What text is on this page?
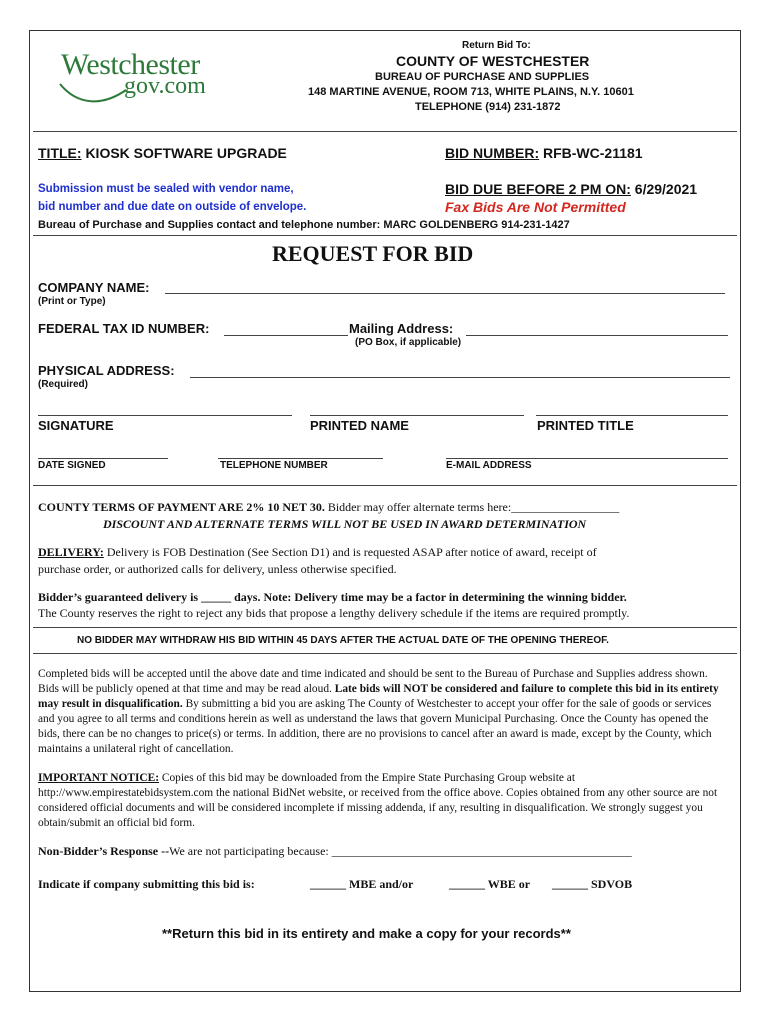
Westchester
gov.com
Return Bid To:
COUNTY OF WESTCHESTER
BUREAU OF PURCHASE AND SUPPLIES
148 MARTINE AVENUE, ROOM 713, WHITE PLAINS, N.Y. 10601
TELEPHONE (914) 231-1872
TITLE: KIOSK SOFTWARE UPGRADE	BID NUMBER: RFB-WC-21181
Submission must be sealed with vendor name,
bid number and due date on outside of envelope.
BID DUE BEFORE 2 PM ON: 6/29/2021
Fax Bids Are Not Permitted
Bureau of Purchase and Supplies contact and telephone number: MARC GOLDENBERG 914-231-1427
REQUEST FOR BID
COMPANY NAME:
(Print or Type)
FEDERAL TAX ID NUMBER:	Mailing Address:
(PO Box, if applicable)
PHYSICAL ADDRESS:
(Required)
SIGNATURE	PRINTED NAME	PRINTED TITLE
DATE SIGNED	TELEPHONE NUMBER	E-MAIL ADDRESS
COUNTY TERMS OF PAYMENT ARE 2% 10 NET 30. Bidder may offer alternate terms here:__________________
DISCOUNT AND ALTERNATE TERMS WILL NOT BE USED IN AWARD DETERMINATION
DELIVERY: Delivery is FOB Destination (See Section D1) and is requested ASAP after notice of award, receipt of
purchase order, or authorized calls for delivery, unless otherwise specified.
Bidder’s guaranteed delivery is _____ days. Note: Delivery time may be a factor in determining the winning bidder.
The County reserves the right to reject any bids that propose a lengthy delivery schedule if the items are required promptly.
NO BIDDER MAY WITHDRAW HIS BID WITHIN 45 DAYS AFTER THE ACTUAL DATE OF THE OPENING THEREOF.
Completed bids will be accepted until the above date and time indicated and should be sent to the Bureau of Purchase and Supplies address shown. Bids will be publicly opened at that time and may be read aloud. Late bids will NOT be considered and failure to complete this bid in its entirety may result in disqualification. By submitting a bid you are asking The County of Westchester to accept your offer for the sale of goods or services and you agree to all terms and conditions herein as well as understand the laws that govern Municipal Purchasing. Once the County has opened the bids, there can be no changes to price(s) or terms. In addition, there are no provisions to cancel after an award is made, except by the County, which maintains a unilateral right of cancellation.
IMPORTANT NOTICE: Copies of this bid may be downloaded from the Empire State Purchasing Group website at http://www.empirestatebidsystem.com the national BidNet website, or received from the office above. Copies obtained from any other source are not considered official documents and will be considered incomplete if missing addenda, if any, resulting in disqualification. We strongly suggest you obtain/submit an official bid form.
Non-Bidder’s Response --We are not participating because: __________________________________________________
Indicate if company submitting this bid is:	______ MBE and/or	______ WBE or ______ SDVOB
**Return this bid in its entirety and make a copy for your records**
